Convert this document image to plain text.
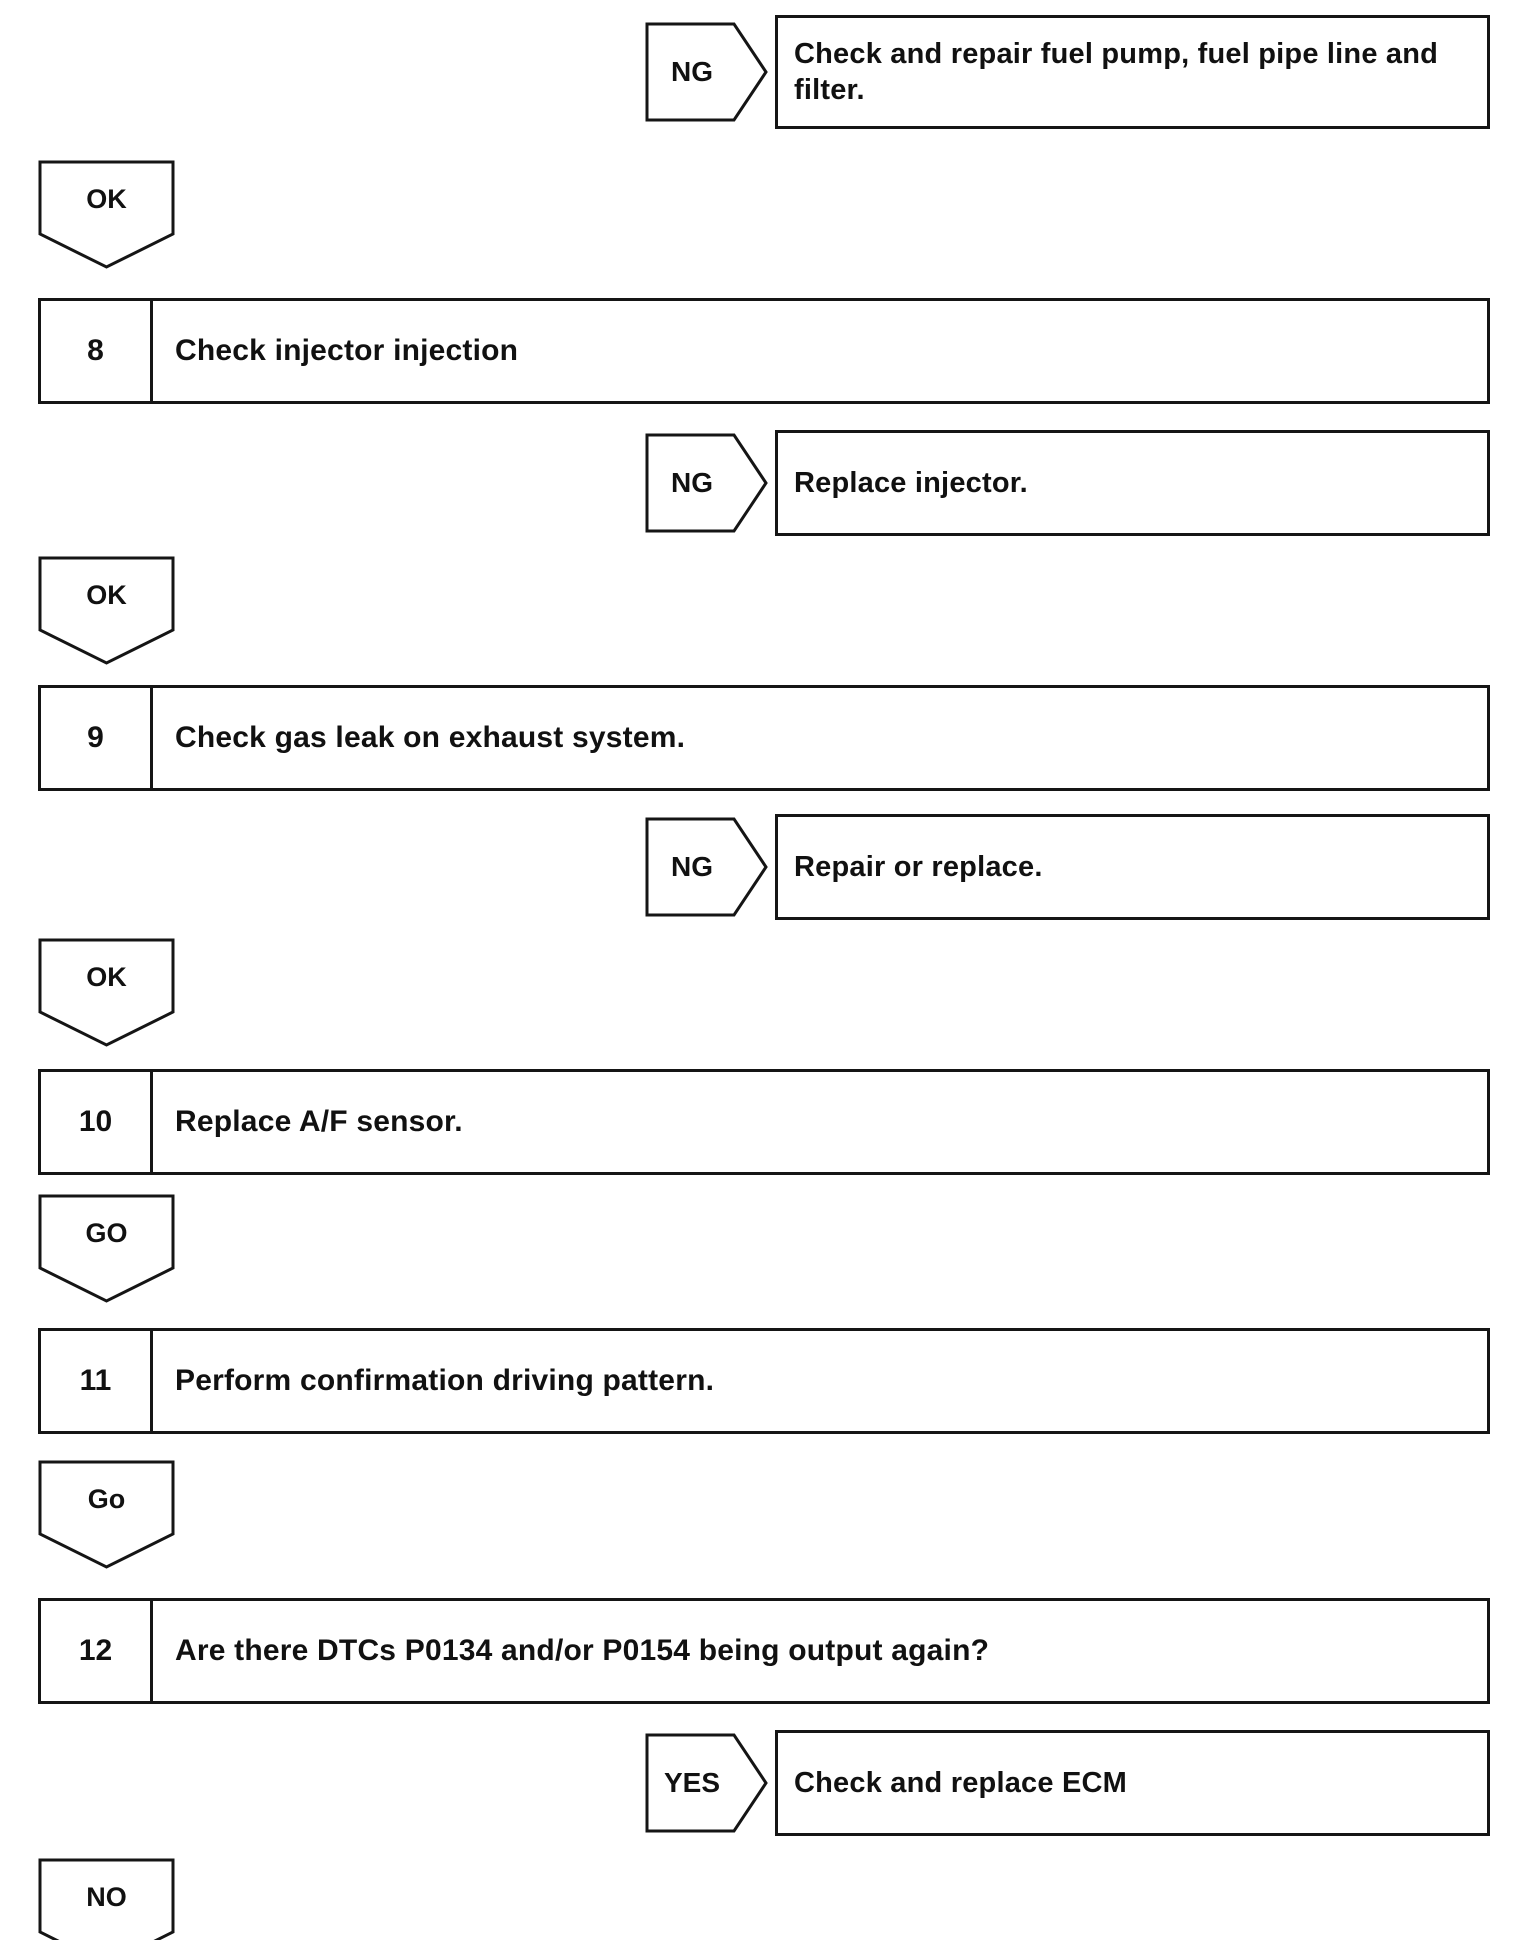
NG
Check and repair fuel pump, fuel pipe line and filter.
OK
8	Check injector injection
NG	Replace injector.
OK
9	Check gas leak on exhaust system.
NG	Repair or replace.
OK
10	Replace A/F sensor.
GO
11	Perform confirmation driving pattern.
Go
12	Are there DTCs P0134 and/or P0154 being output again?
YES	Check and replace ECM
NO
